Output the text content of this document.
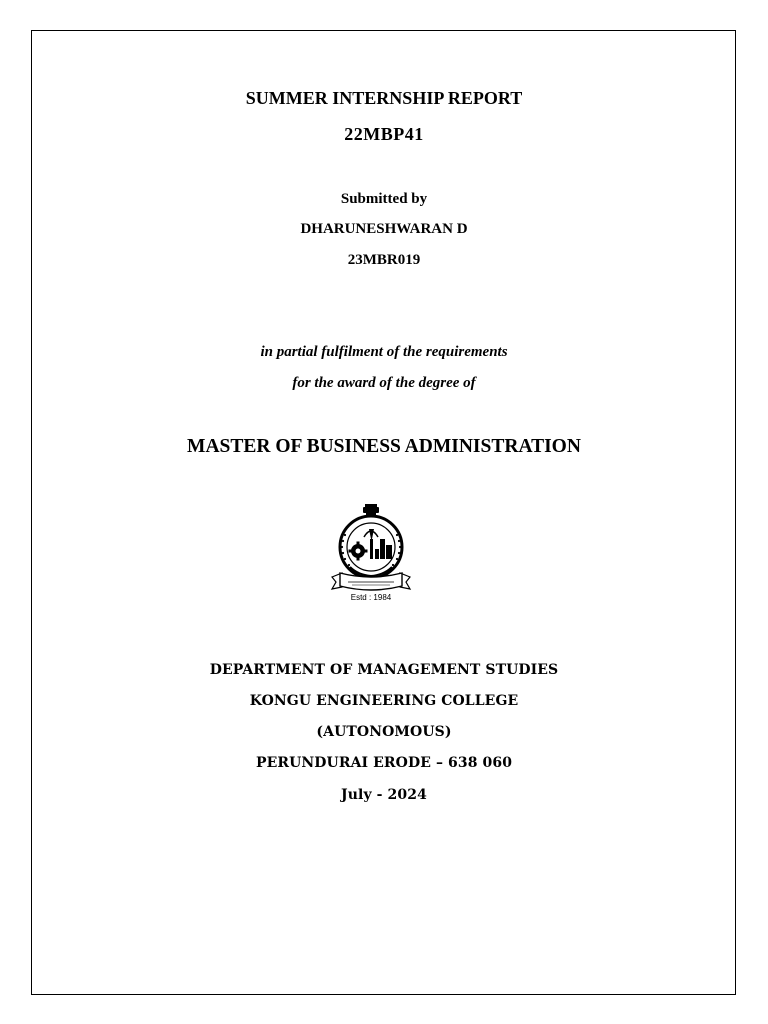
SUMMER INTERNSHIP REPORT
22MBP41
Submitted by
DHARUNESHWARAN D
23MBR019
in partial fulfilment of the requirements
for the award of the degree of
MASTER OF BUSINESS ADMINISTRATION
Estd : 1984
DEPARTMENT OF MANAGEMENT STUDIES
KONGU ENGINEERING COLLEGE
(AUTONOMOUS)
PERUNDURAI ERODE – 638 060
July - 2024
